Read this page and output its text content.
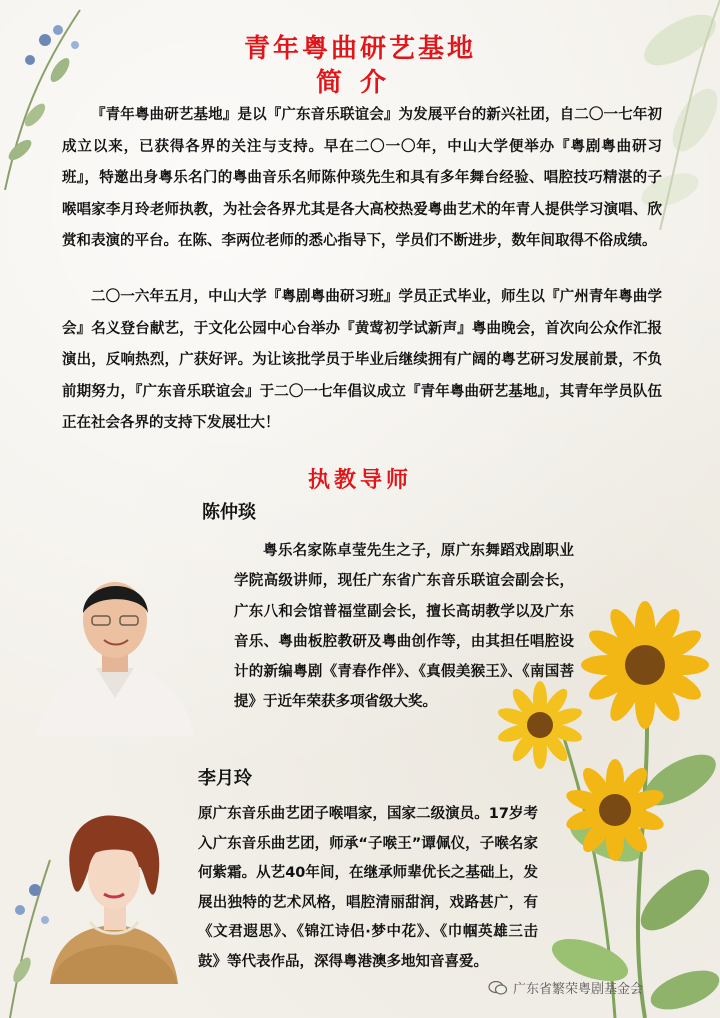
青年粤曲研艺基地
简介

『青年粤曲研艺基地』是以『广东音乐联谊会』为发展平台的新兴社团，自二〇一七年初成立以来，已获得各界的关注与支持。早在二〇一〇年，中山大学便举办『粤剧粤曲研习班』，特邀出身粤乐名门的粤曲音乐名师陈仲琰先生和具有多年舞台经验、唱腔技巧精湛的子喉唱家李月玲老师执教，为社会各界尤其是各大高校热爱粤曲艺术的年青人提供学习演唱、欣赏和表演的平台。在陈、李两位老师的悉心指导下，学员们不断进步，数年间取得不俗成绩。

二〇一六年五月，中山大学『粤剧粤曲研习班』学员正式毕业，师生以『广州青年粤曲学会』名义登台献艺，于文化公园中心台举办『黄莺初学试新声』粤曲晚会，首次向公众作汇报演出，反响热烈，广获好评。为让该批学员于毕业后继续拥有广阔的粤艺研习发展前景，不负前期努力，『广东音乐联谊会』于二〇一七年倡议成立『青年粤曲研艺基地』，其青年学员队伍正在社会各界的支持下发展壮大！

执教导师
陈仲琰

粤乐名家陈卓莹先生之子，原广东舞蹈戏剧职业学院高级讲师，现任广东省广东音乐联谊会副会长，广东八和会馆普福堂副会长，擅长高胡教学以及广东音乐、粤曲板腔教研及粤曲创作等，由其担任唱腔设计的新编粤剧《青春作伴》、《真假美猴王》、《南国菩提》于近年荣获多项省级大奖。

李月玲

原广东音乐曲艺团子喉唱家，国家二级演员。17岁考入广东音乐曲艺团，师承“子喉王”谭佩仪，子喉名家何紫霜。从艺40年间，在继承师辈优长之基础上，发展出独特的艺术风格，唱腔清丽甜润，戏路甚广，有《文君遐思》、《锦江诗侣·梦中花》、《巾帼英雄三击鼓》等代表作品，深得粤港澳多地知音喜爱。

广东省繁荣粤剧基金会
